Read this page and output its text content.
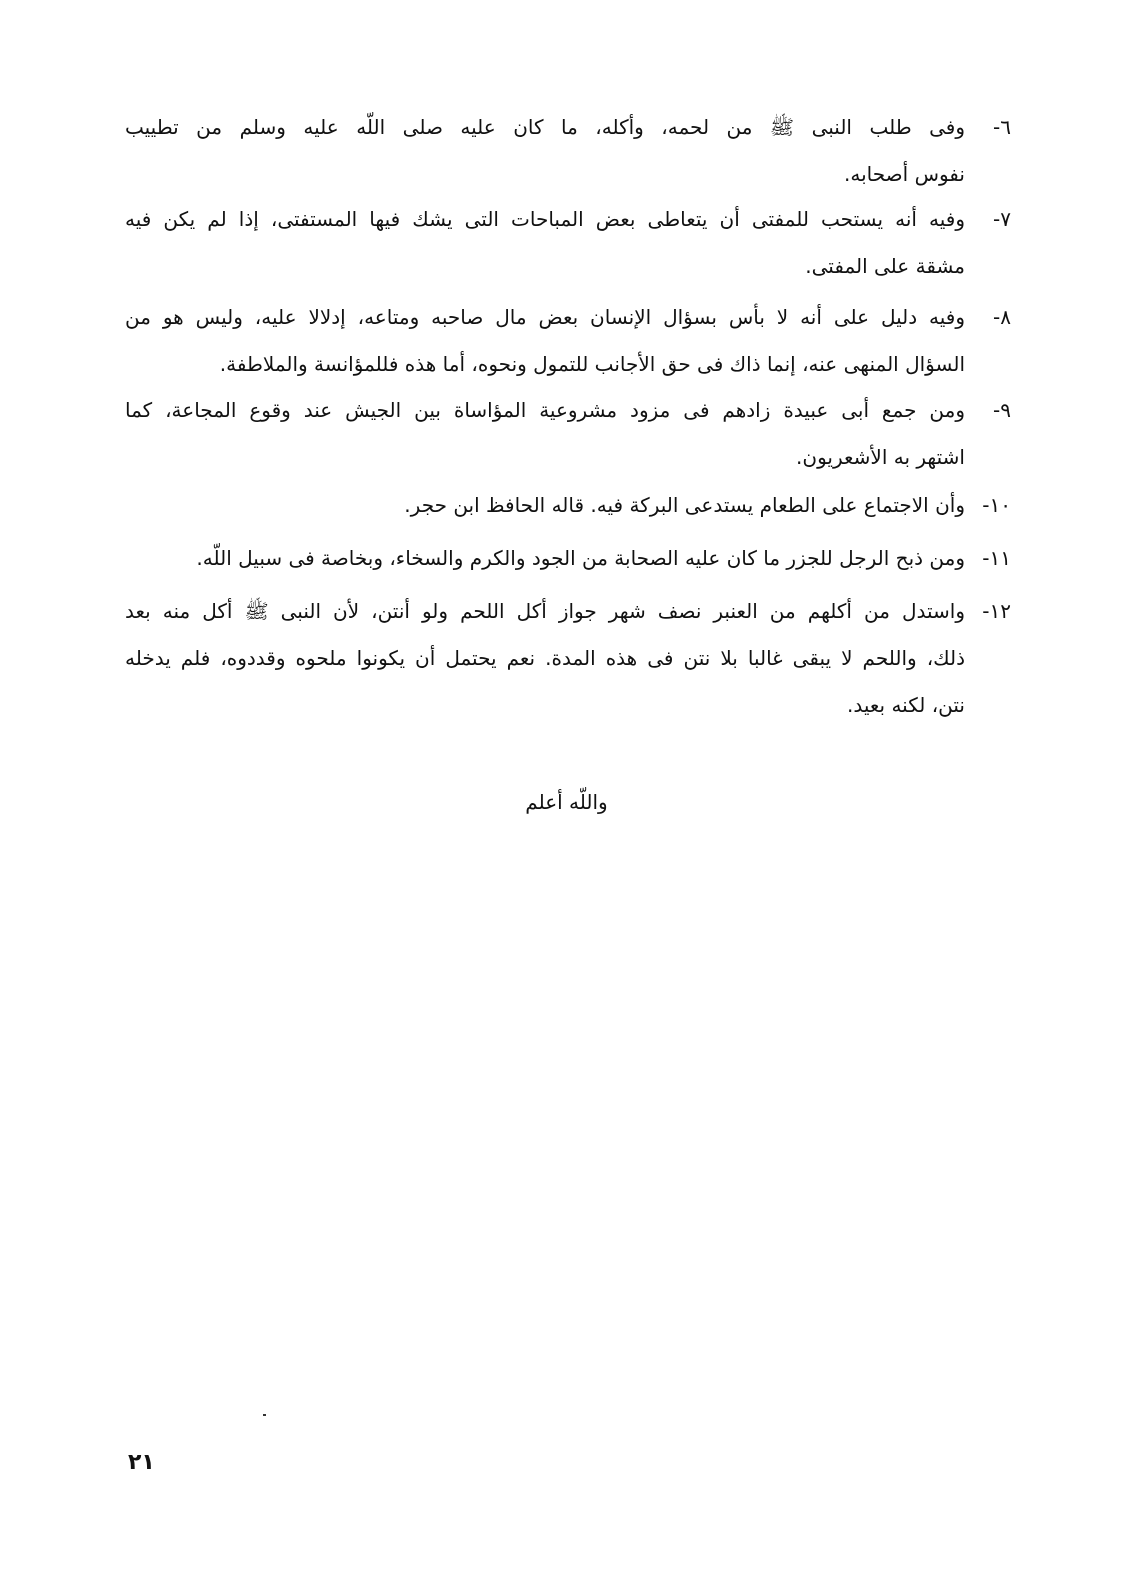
٦-
وفى طلب النبى ﷺ من لحمه، وأكله، ما كان عليه صلى اللّه عليه وسلم من تطييب
نفوس أصحابه.
٧-
وفيه أنه يستحب للمفتى أن يتعاطى بعض المباحات التى يشك فيها المستفتى، إذا لم يكن فيه
مشقة على المفتى.
٨-
وفيه دليل على أنه لا بأس بسؤال الإنسان بعض مال صاحبه ومتاعه، إدلالا عليه، وليس هو من
السؤال المنهى عنه، إنما ذاك فى حق الأجانب للتمول ونحوه، أما هذه فللمؤانسة والملاطفة.
٩-
ومن جمع أبى عبيدة زادهم فى مزود مشروعية المؤاساة بين الجيش عند وقوع المجاعة، كما
اشتهر به الأشعريون.
١٠-
وأن الاجتماع على الطعام يستدعى البركة فيه. قاله الحافظ ابن حجر.
١١-
ومن ذبح الرجل للجزر ما كان عليه الصحابة من الجود والكرم والسخاء، وبخاصة فى سبيل اللّه.
١٢-
واستدل من أكلهم من العنبر نصف شهر جواز أكل اللحم ولو أنتن، لأن النبى ﷺ أكل منه بعد
ذلك، واللحم لا يبقى غالبا بلا نتن فى هذه المدة. نعم يحتمل أن يكونوا ملحوه وقددوه، فلم يدخله
نتن، لكنه بعيد.
واللّه أعلم
٢١
